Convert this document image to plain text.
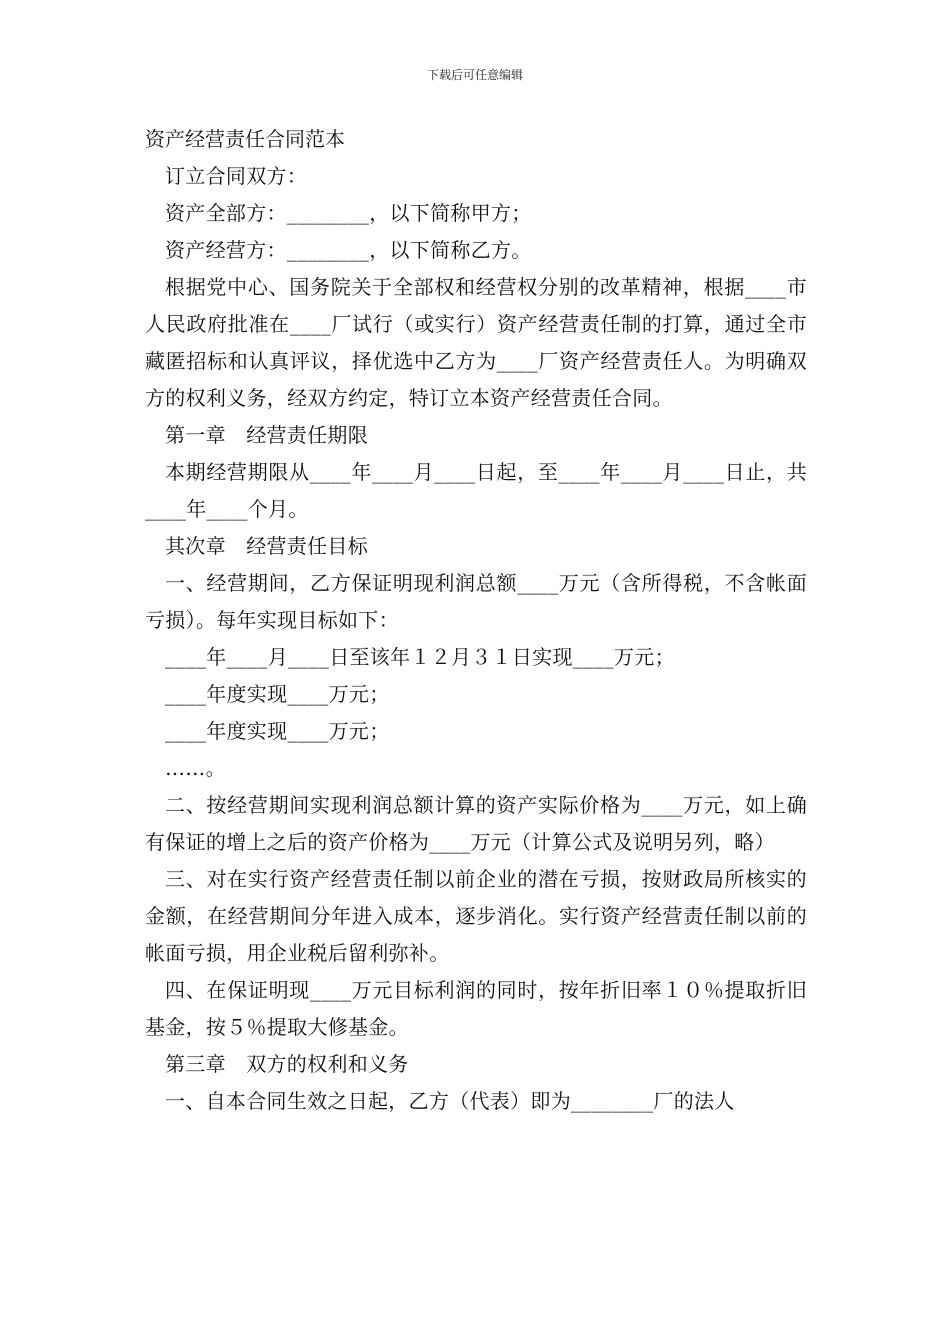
下载后可任意编辑
资产经营责任合同范本

订立合同双方：

资产全部方：________，以下简称甲方；

资产经营方：________，以下简称乙方。

根据党中心、国务院关于全部权和经营权分别的改革精神，根据____市人民政府批准在____厂试行（或实行）资产经营责任制的打算，通过全市藏匿招标和认真评议，择优选中乙方为____厂资产经营责任人。为明确双方的权利义务，经双方约定，特订立本资产经营责任合同。

第一章　经营责任期限

本期经营期限从____年____月____日起，至____年____月____日止，共____年____个月。

其次章　经营责任目标

一、经营期间，乙方保证明现利润总额____万元（含所得税，不含帐面亏损）。每年实现目标如下：

____年____月____日至该年１２月３１日实现____万元；

____年度实现____万元；

____年度实现____万元；

……。

二、按经营期间实现利润总额计算的资产实际价格为____万元，如上确有保证的增上之后的资产价格为____万元（计算公式及说明另列，略）

三、对在实行资产经营责任制以前企业的潜在亏损，按财政局所核实的金额，在经营期间分年进入成本，逐步消化。实行资产经营责任制以前的帐面亏损，用企业税后留利弥补。

四、在保证明现____万元目标利润的同时，按年折旧率１０％提取折旧基金，按５％提取大修基金。

第三章　双方的权利和义务

一、自本合同生效之日起，乙方（代表）即为________厂的法人
